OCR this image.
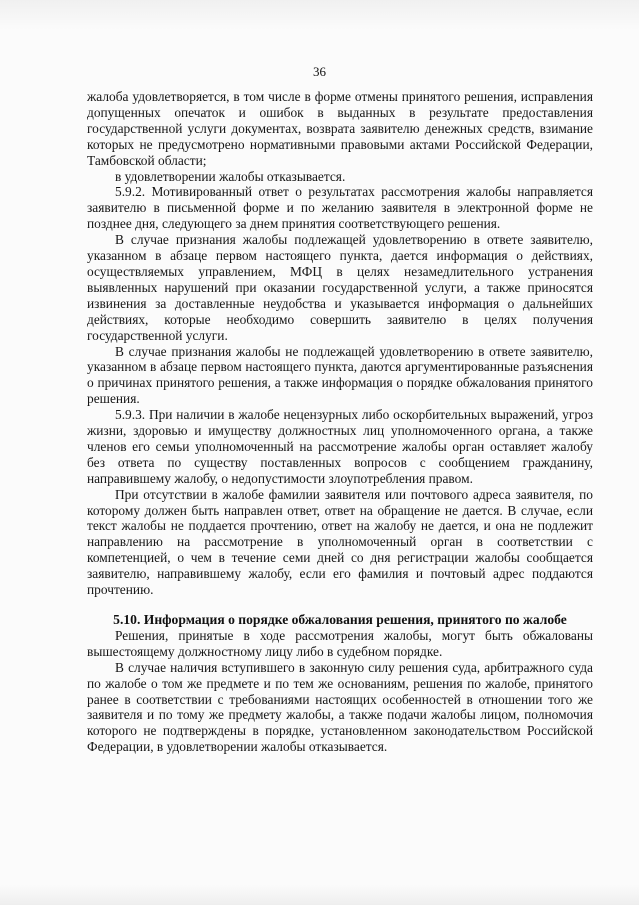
36

жалоба удовлетворяется, в том числе в форме отмены принятого решения, исправления допущенных опечаток и ошибок в выданных в результате предоставления государственной услуги документах, возврата заявителю денежных средств, взимание которых не предусмотрено нормативными правовыми актами Российской Федерации, Тамбовской области;

в удовлетворении жалобы отказывается.

5.9.2. Мотивированный ответ о результатах рассмотрения жалобы направляется заявителю в письменной форме и по желанию заявителя в электронной форме не позднее дня, следующего за днем принятия соответствующего решения.

В случае признания жалобы подлежащей удовлетворению в ответе заявителю, указанном в абзаце первом настоящего пункта, дается информация о действиях, осуществляемых управлением, МФЦ в целях незамедлительного устранения выявленных нарушений при оказании государственной услуги, а также приносятся извинения за доставленные неудобства и указывается информация о дальнейших действиях, которые необходимо совершить заявителю в целях получения государственной услуги.

В случае признания жалобы не подлежащей удовлетворению в ответе заявителю, указанном в абзаце первом настоящего пункта, даются аргументированные разъяснения о причинах принятого решения, а также информация о порядке обжалования принятого решения.

5.9.3. При наличии в жалобе нецензурных либо оскорбительных выражений, угроз жизни, здоровью и имуществу должностных лиц уполномоченного органа, а также членов его семьи уполномоченный на рассмотрение жалобы орган оставляет жалобу без ответа по существу поставленных вопросов с сообщением гражданину, направившему жалобу, о недопустимости злоупотребления правом.

При отсутствии в жалобе фамилии заявителя или почтового адреса заявителя, по которому должен быть направлен ответ, ответ на обращение не дается. В случае, если текст жалобы не поддается прочтению, ответ на жалобу не дается, и она не подлежит направлению на рассмотрение в уполномоченный орган в соответствии с компетенцией, о чем в течение семи дней со дня регистрации жалобы сообщается заявителю, направившему жалобу, если его фамилия и почтовый адрес поддаются прочтению.

5.10. Информация о порядке обжалования решения, принятого по жалобе

Решения, принятые в ходе рассмотрения жалобы, могут быть обжалованы вышестоящему должностному лицу либо в судебном порядке.

В случае наличия вступившего в законную силу решения суда, арбитражного суда по жалобе о том же предмете и по тем же основаниям, решения по жалобе, принятого ранее в соответствии с требованиями настоящих особенностей в отношении того же заявителя и по тому же предмету жалобы, а также подачи жалобы лицом, полномочия которого не подтверждены в порядке, установленном законодательством Российской Федерации, в удовлетворении жалобы отказывается.
